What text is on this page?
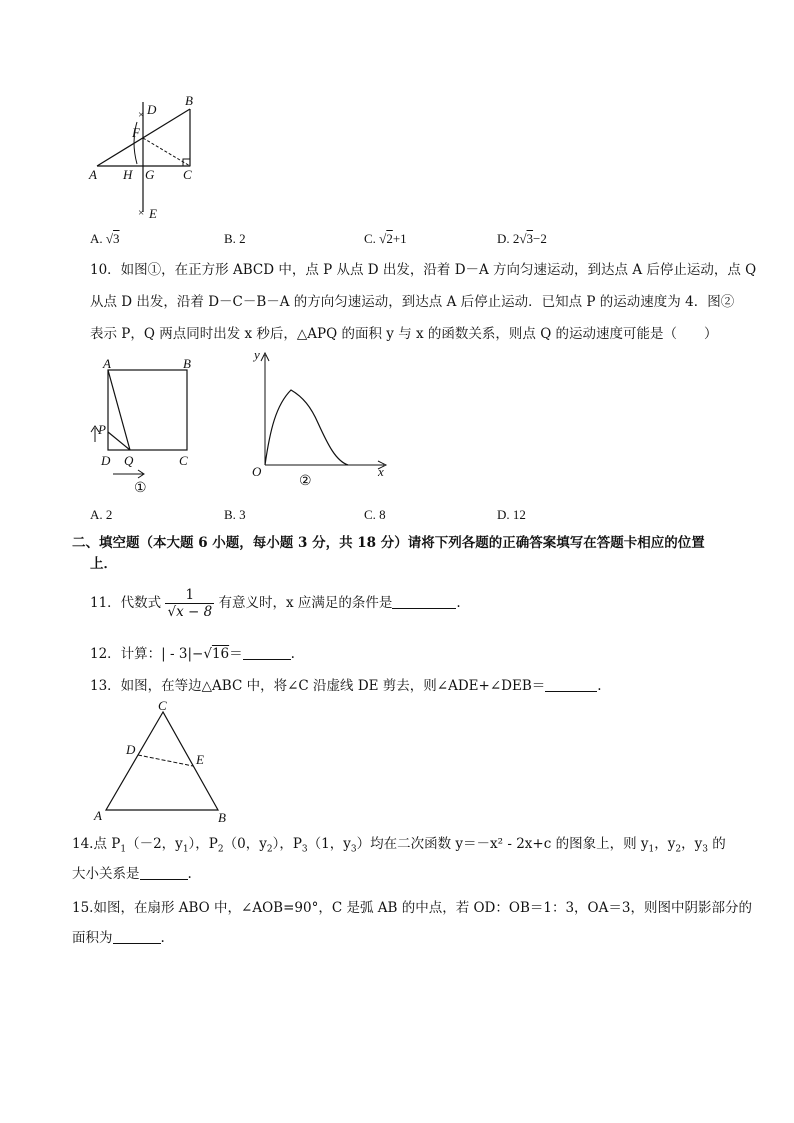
×
×
D
B
F
A H G C
E
A. √3	B. 2	C. √2+1	D. 2√3−2
10．如图①，在正方形 ABCD 中，点 P 从点 D 出发，沿着 D－A 方向匀速运动，到达点 A 后停止运动，点 Q
从点 D 出发，沿着 D－C－B－A 的方向匀速运动，到达点 A 后停止运动．已知点 P 的运动速度为 4．图②
表示 P，Q 两点同时出发 x 秒后，△APQ 的面积 y 与 x 的函数关系，则点 Q 的运动速度可能是（　　）
A	B
P
D Q	C
①
y
O	x
②
A. 2	B. 3	C. 8	D. 12
二、填空题（本大题 6 小题，每小题 3 分，共 18 分）请将下列各题的正确答案填写在答题卡相应的位置
上．
11．代数式 $\frac{1}{√x - 8}$ 有意义时，x 应满足的条件是	.
12．计算：| - 3|−√16＝	.
13．如图，在等边△ABC 中，将∠C 沿虚线 DE 剪去，则∠ADE+∠DEB＝	.
C
D
E
A	B
14.点 $P_1(-2$，$y_1$），$P_2(0$，$y_2$），$P_3(1$，$y_3$）均在二次函数 y＝－x² - 2x+c 的图象上，则 $y_1$，$y_2$，$y_3$ 的
大小关系是	.
15.如图，在扇形 ABO 中，∠AOB=90°，C 是弧 AB 的中点，若 OD：OB＝1：3，OA＝3，则图中阴影部分的
面积为	.
